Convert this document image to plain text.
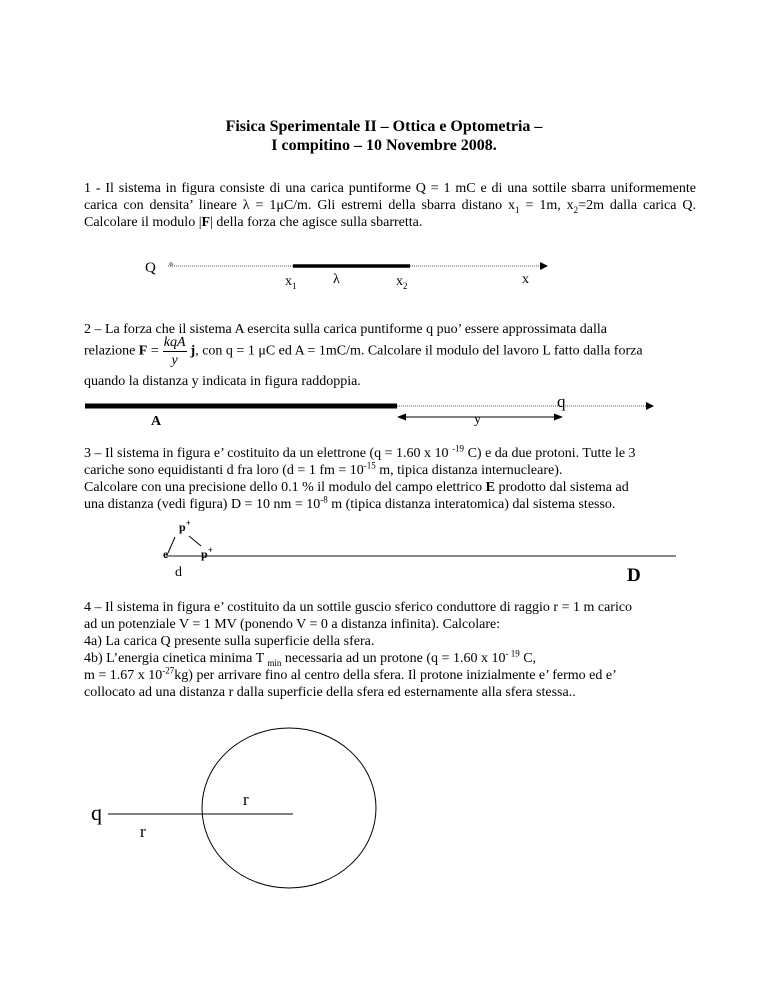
Fisica Sperimentale II – Ottica e Optometria –
I compitino – 10 Novembre 2008.
1 - Il sistema in figura consiste di una carica puntiforme Q = 1 mC e di una sottile sbarra uniformemente carica con densita’ lineare λ = 1μC/m. Gli estremi della sbarra distano $x_1 = 1m$, $x_2=2m$ dalla carica Q. Calcolare il modulo |F| della forza che agisce sulla sbarretta.
Q
$x_1$	λ	$x_2$	x
2 – La forza che il sistema A esercita sulla carica puntiforme q puo’ essere approssimata dalla
relazione $F = \frac{\text{kqA}}{y} j$, con q = 1 μC ed A = 1mC/m. Calcolare il modulo del lavoro L fatto dalla forza
quando la distanza y indicata in figura raddoppia.
A
q
y
3 – Il sistema in figura e’ costituito da un elettrone (q = 1.60 x 10 $^{-19}$ C) e da due protoni. Tutte le 3
cariche sono equidistanti d fra loro (d = 1 fm = $10^{-15}$ m, tipica distanza internucleare).
Calcolare con una precisione dello 0.1 % il modulo del campo elettrico E prodotto dal sistema ad
una distanza (vedi figura) D = 10 nm = $10^{-8}$ m (tipica distanza interatomica) dal sistema stesso.
p+
e	p+
d	D
4 – Il sistema in figura e’ costituito da un sottile guscio sferico conduttore di raggio r = 1 m carico
ad un potenziale V = 1 MV (ponendo V = 0 a distanza infinita). Calcolare:
4a) La carica Q presente sulla superficie della sfera.
4b) L’energia cinetica minima T $_{min}$ necessaria ad un protone (q = 1.60 x $10^{- 19}$ C,
m = 1.67 x $10^{-27}kg$) per arrivare fino al centro della sfera. Il protone inizialmente e’ fermo ed e’
collocato ad una distanza r dalla superficie della sfera ed esternamente alla sfera stessa..
q
r
r
